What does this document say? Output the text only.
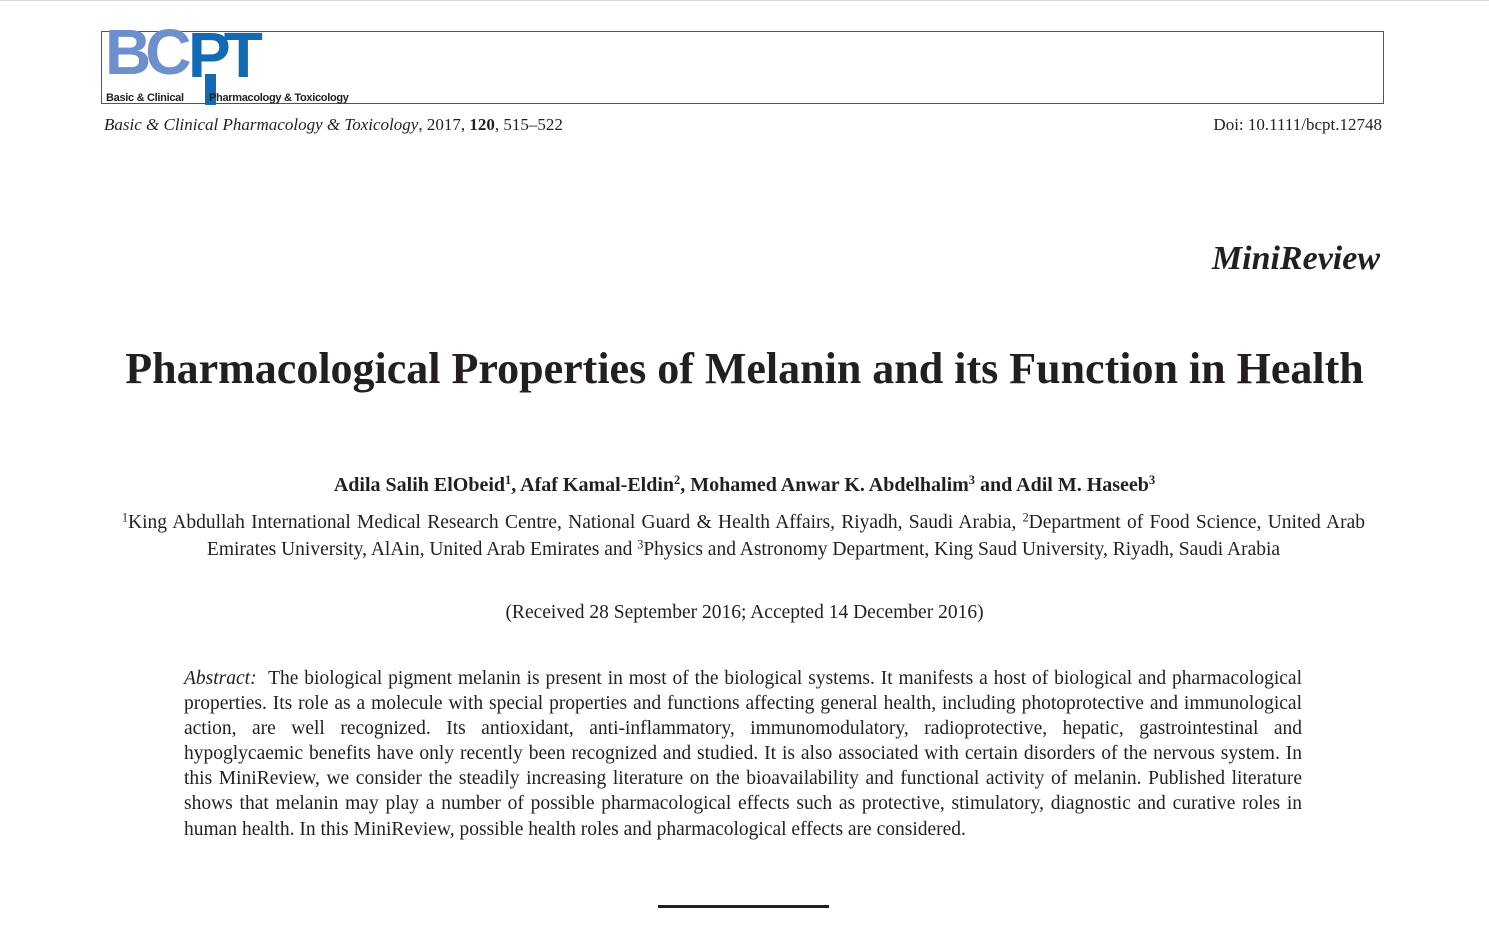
BC PT
Basic & Clinical Pharmacology & Toxicology
Basic & Clinical Pharmacology & Toxicology, 2017, 120, 515–522	Doi: 10.1111/bcpt.12748
MiniReview
Pharmacological Properties of Melanin and its Function in Health
Adila Salih ElObeid$^1$, Afaf Kamal-Eldin$^2$, Mohamed Anwar K. Abdelhalim$^3$ and Adil M. Haseeb$^3$
$^1$King Abdullah International Medical Research Centre, National Guard & Health Affairs, Riyadh, Saudi Arabia, $^2$Department of Food Science, United Arab Emirates University, AlAin, United Arab Emirates and $^3$Physics and Astronomy Department, King Saud University, Riyadh, Saudi Arabia
(Received 28 September 2016; Accepted 14 December 2016)

Abstract: The biological pigment melanin is present in most of the biological systems. It manifests a host of biological and pharmacological properties. Its role as a molecule with special properties and functions affecting general health, including photoprotective and immunological action, are well recognized. Its antioxidant, anti-inflammatory, immunomodulatory, radioprotective, hepatic, gastrointestinal and hypoglycaemic benefits have only recently been recognized and studied. It is also associated with certain disorders of the nervous system. In this MiniReview, we consider the steadily increasing literature on the bioavailability and functional activity of melanin. Published literature shows that melanin may play a number of possible pharmacological effects such as protective, stimulatory, diagnostic and curative roles in human health. In this MiniReview, possible health roles and pharmacological effects are considered.
